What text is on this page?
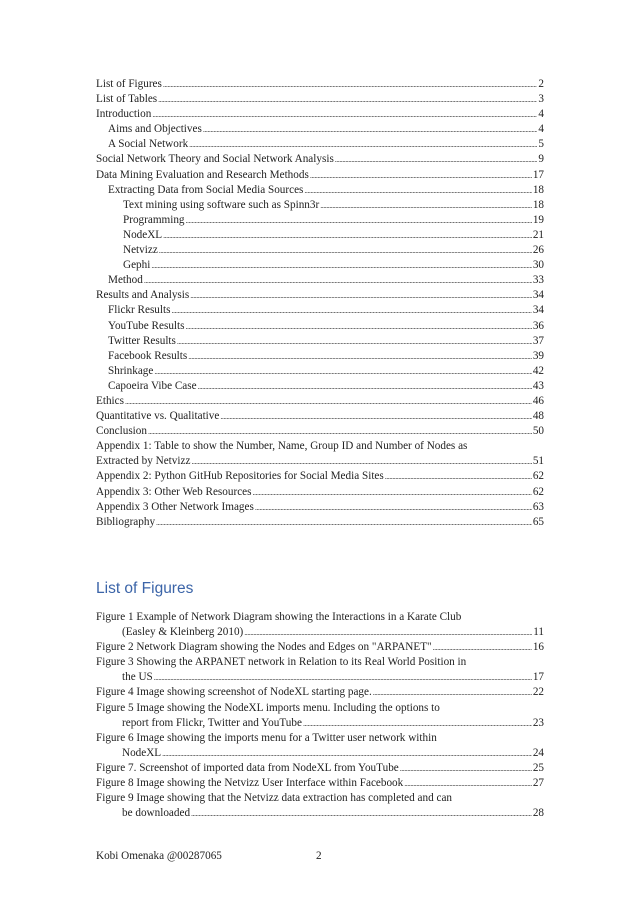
List of Figures .....	2
List of Tables .....	3
Introduction .....	4
Aims and Objectives .....	4
A Social Network .....	5
Social Network Theory and Social Network Analysis .....	9
Data Mining Evaluation and Research Methods .....	17
Extracting Data from Social Media Sources .....	18
Text mining using software such as Spinn3r .....	18
Programming .....	19
NodeXL .....	21
Netvizz .....	26
Gephi .....	30
Method .....	33
Results and Analysis .....	34
Flickr Results .....	34
YouTube Results .....	36
Twitter Results .....	37
Facebook Results .....	39
Shrinkage .....	42
Capoeira Vibe Case .....	43
Ethics .....	46
Quantitative vs. Qualitative .....	48
Conclusion .....	50
Appendix 1: Table to show the Number, Name, Group ID and Number of Nodes as
Extracted by Netvizz .....	51
Appendix 2: Python GitHub Repositories for Social Media Sites .....	62
Appendix 3: Other Web Resources .....	62
Appendix 3 Other Network Images .....	63
Bibliography .....	65
List of Figures
Figure 1 Example of Network Diagram showing the Interactions in a Karate Club
(Easley & Kleinberg 2010) .....	11
Figure 2 Network Diagram showing the Nodes and Edges on "ARPANET" .....	16
Figure 3 Showing the ARPANET network in Relation to its Real World Position in
the US .....	17
Figure 4 Image showing screenshot of NodeXL starting page. .....	22
Figure 5 Image showing the NodeXL imports menu. Including the options to
report from Flickr, Twitter and YouTube .....	23
Figure 6 Image showing the imports menu for a Twitter user network within
NodeXL .....	24
Figure 7. Screenshot of imported data from NodeXL from YouTube .....	25
Figure 8 Image showing the Netvizz User Interface within Facebook .....	27
Figure 9 Image showing that the Netvizz data extraction has completed and can
be downloaded .....	28
Kobi Omenaka @00287065	2
